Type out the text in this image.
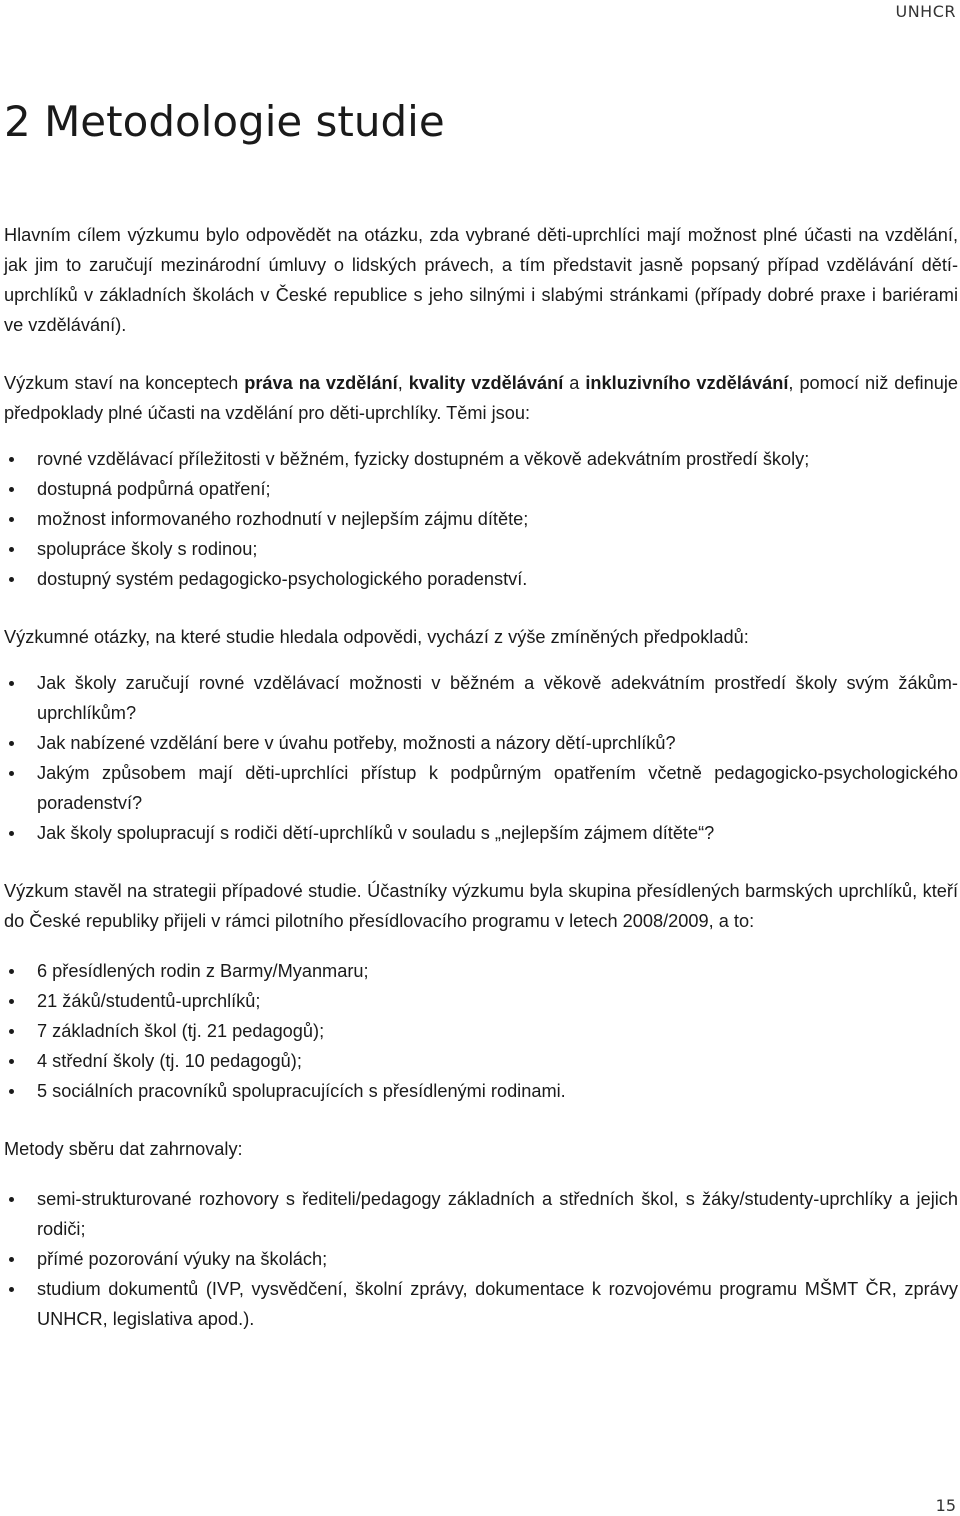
UNHCR
2 Metodologie studie

Hlavním cílem výzkumu bylo odpovědět na otázku, zda vybrané děti-uprchlíci mají možnost plné účasti na vzdělání, jak jim to zaručují mezinárodní úmluvy o lidských právech, a tím představit jasně popsaný případ vzdělávání dětí-uprchlíků v základních školách v České republice s jeho silnými i slabými stránkami (případy dobré praxe i bariérami ve vzdělávání).

Výzkum staví na konceptech práva na vzdělání, kvality vzdělávání a inkluzivního vzdělávání, pomocí niž definuje předpoklady plné účasti na vzdělání pro děti-uprchlíky. Těmi jsou:

rovné vzdělávací příležitosti v běžném, fyzicky dostupném a věkově adekvátním prostředí školy;
dostupná podpůrná opatření;
možnost informovaného rozhodnutí v nejlepším zájmu dítěte;
spolupráce školy s rodinou;
dostupný systém pedagogicko-psychologického poradenství.

Výzkumné otázky, na které studie hledala odpovědi, vychází z výše zmíněných předpokladů:

Jak školy zaručují rovné vzdělávací možnosti v běžném a věkově adekvátním prostředí školy svým žákům-uprchlíkům?
Jak nabízené vzdělání bere v úvahu potřeby, možnosti a názory dětí-uprchlíků?
Jakým způsobem mají děti-uprchlíci přístup k podpůrným opatřením včetně pedagogicko-psychologického poradenství?
Jak školy spolupracují s rodiči dětí-uprchlíků v souladu s „nejlepším zájmem dítěte“?

Výzkum stavěl na strategii případové studie. Účastníky výzkumu byla skupina přesídlených barmských uprchlíků, kteří do České republiky přijeli v rámci pilotního přesídlovacího programu v letech 2008/2009, a to:

6 přesídlených rodin z Barmy/Myanmaru;
21 žáků/studentů-uprchlíků;
7 základních škol (tj. 21 pedagogů);
4 střední školy (tj. 10 pedagogů);
5 sociálních pracovníků spolupracujících s přesídlenými rodinami.

Metody sběru dat zahrnovaly:

semi-strukturované rozhovory s řediteli/pedagogy základních a středních škol, s žáky/studenty-uprchlíky a jejich rodiči;
přímé pozorování výuky na školách;
studium dokumentů (IVP, vysvědčení, školní zprávy, dokumentace k rozvojovému programu MŠMT ČR, zprávy UNHCR, legislativa apod.).
15
